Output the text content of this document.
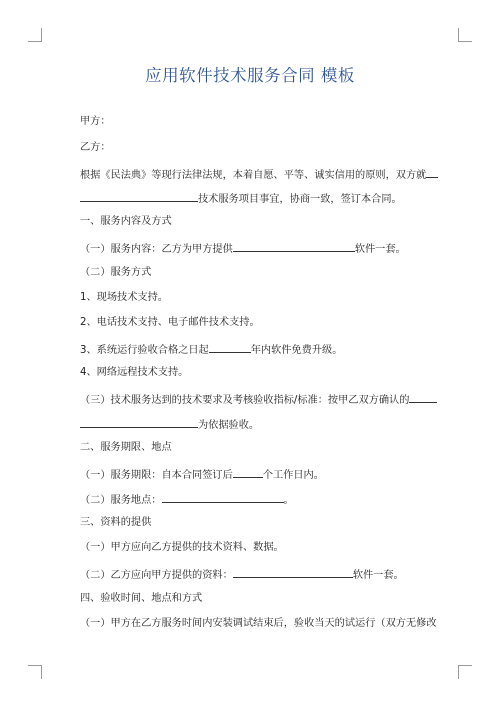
应用软件技术服务合同 模板
甲方：
乙方：
根据《民法典》等现行法律法规，本着自愿、平等、诚实信用的原则，双方就
技术服务项目事宜，协商一致，签订本合同。
一、服务内容及方式
（一）服务内容：乙方为甲方提供	软件一套。
（二）服务方式
1、现场技术支持。
2、电话技术支持、电子邮件技术支持。
3、系统运行验收合格之日起	年内软件免费升级。
4、网络远程技术支持。
（三）技术服务达到的技术要求及考核验收指标/标准：按甲乙双方确认的
为依据验收。
二、服务期限、地点
（一）服务期限：自本合同签订后	个工作日内。
（二）服务地点：	。
三、资料的提供
（一）甲方应向乙方提供的技术资料、数据。
（二）乙方应向甲方提供的资料：	软件一套。
四、验收时间、地点和方式
（一）甲方在乙方服务时间内安装调试结束后，验收当天的试运行（双方无修改
